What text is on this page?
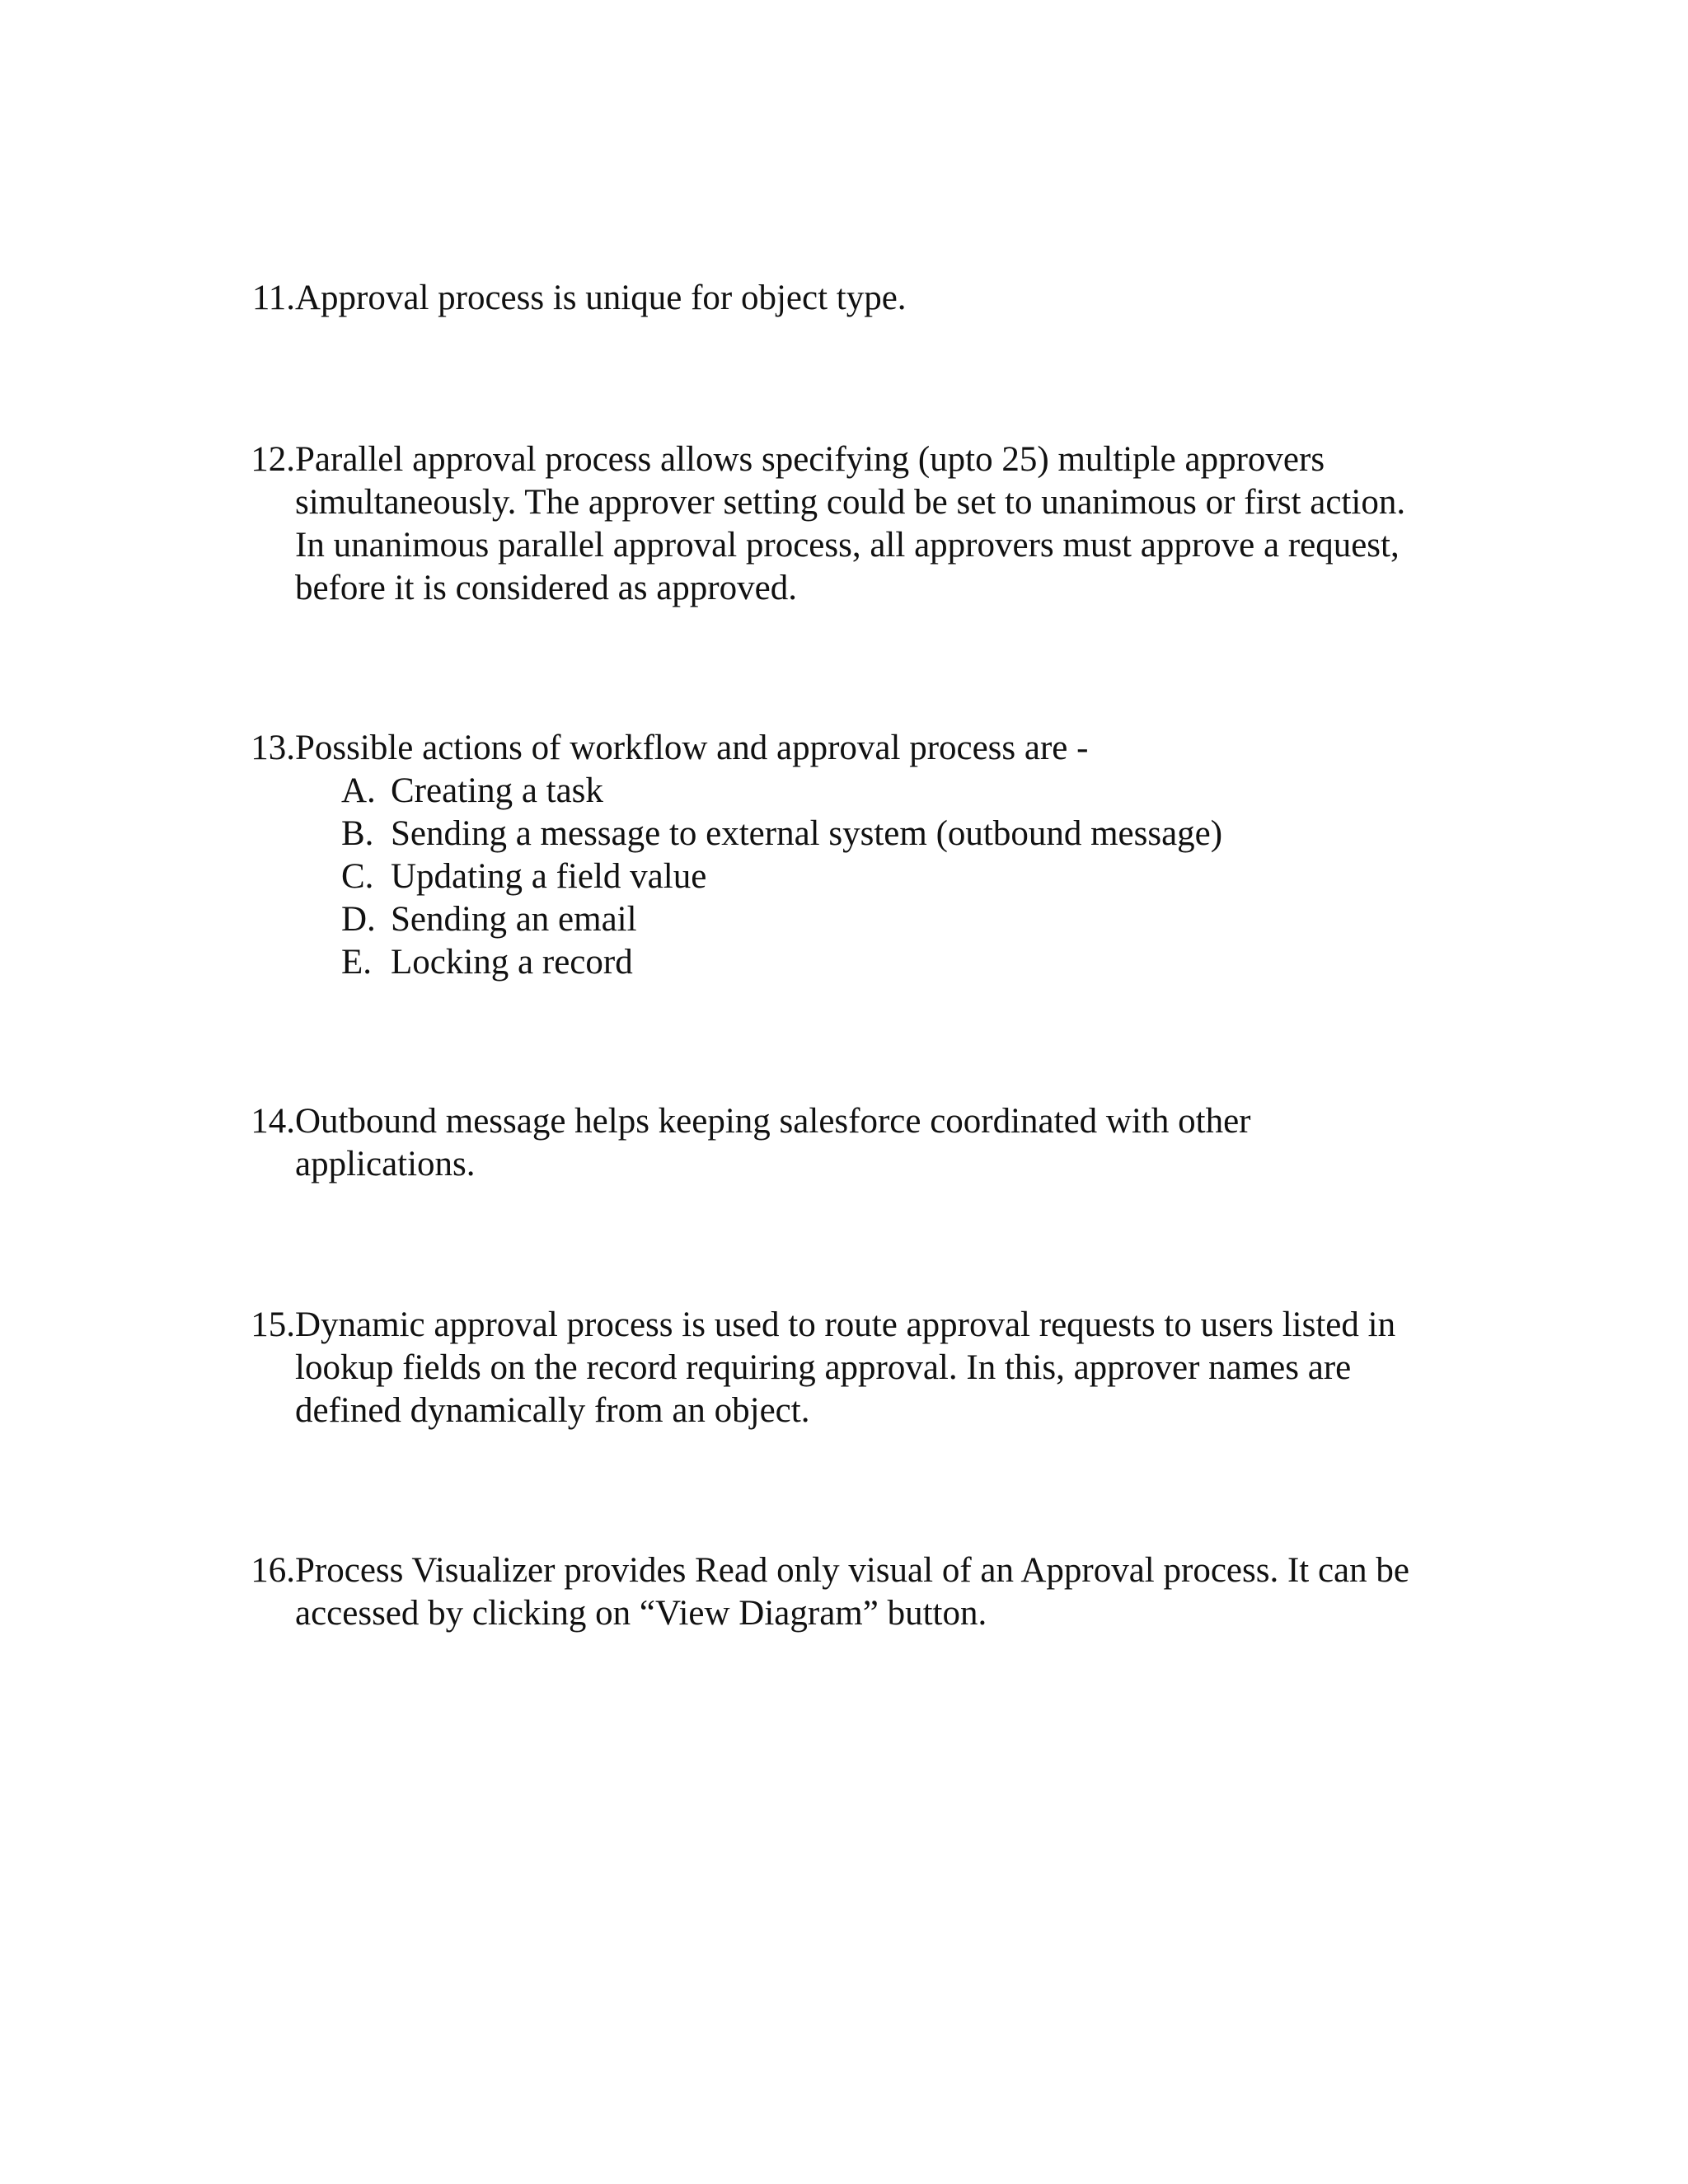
11. Approval process is unique for object type.
12. Parallel approval process allows specifying (upto 25) multiple approvers
simultaneously. The approver setting could be set to unanimous or first action.
In unanimous parallel approval process, all approvers must approve a request,
before it is considered as approved.
13. Possible actions of workflow and approval process are -
A. Creating a task
B. Sending a message to external system (outbound message)
C. Updating a field value
D. Sending an email
E. Locking a record
14. Outbound message helps keeping salesforce coordinated with other
applications.
15. Dynamic approval process is used to route approval requests to users listed in
lookup fields on the record requiring approval. In this, approver names are
defined dynamically from an object.
16. Process Visualizer provides Read only visual of an Approval process. It can be
accessed by clicking on “View Diagram” button.
